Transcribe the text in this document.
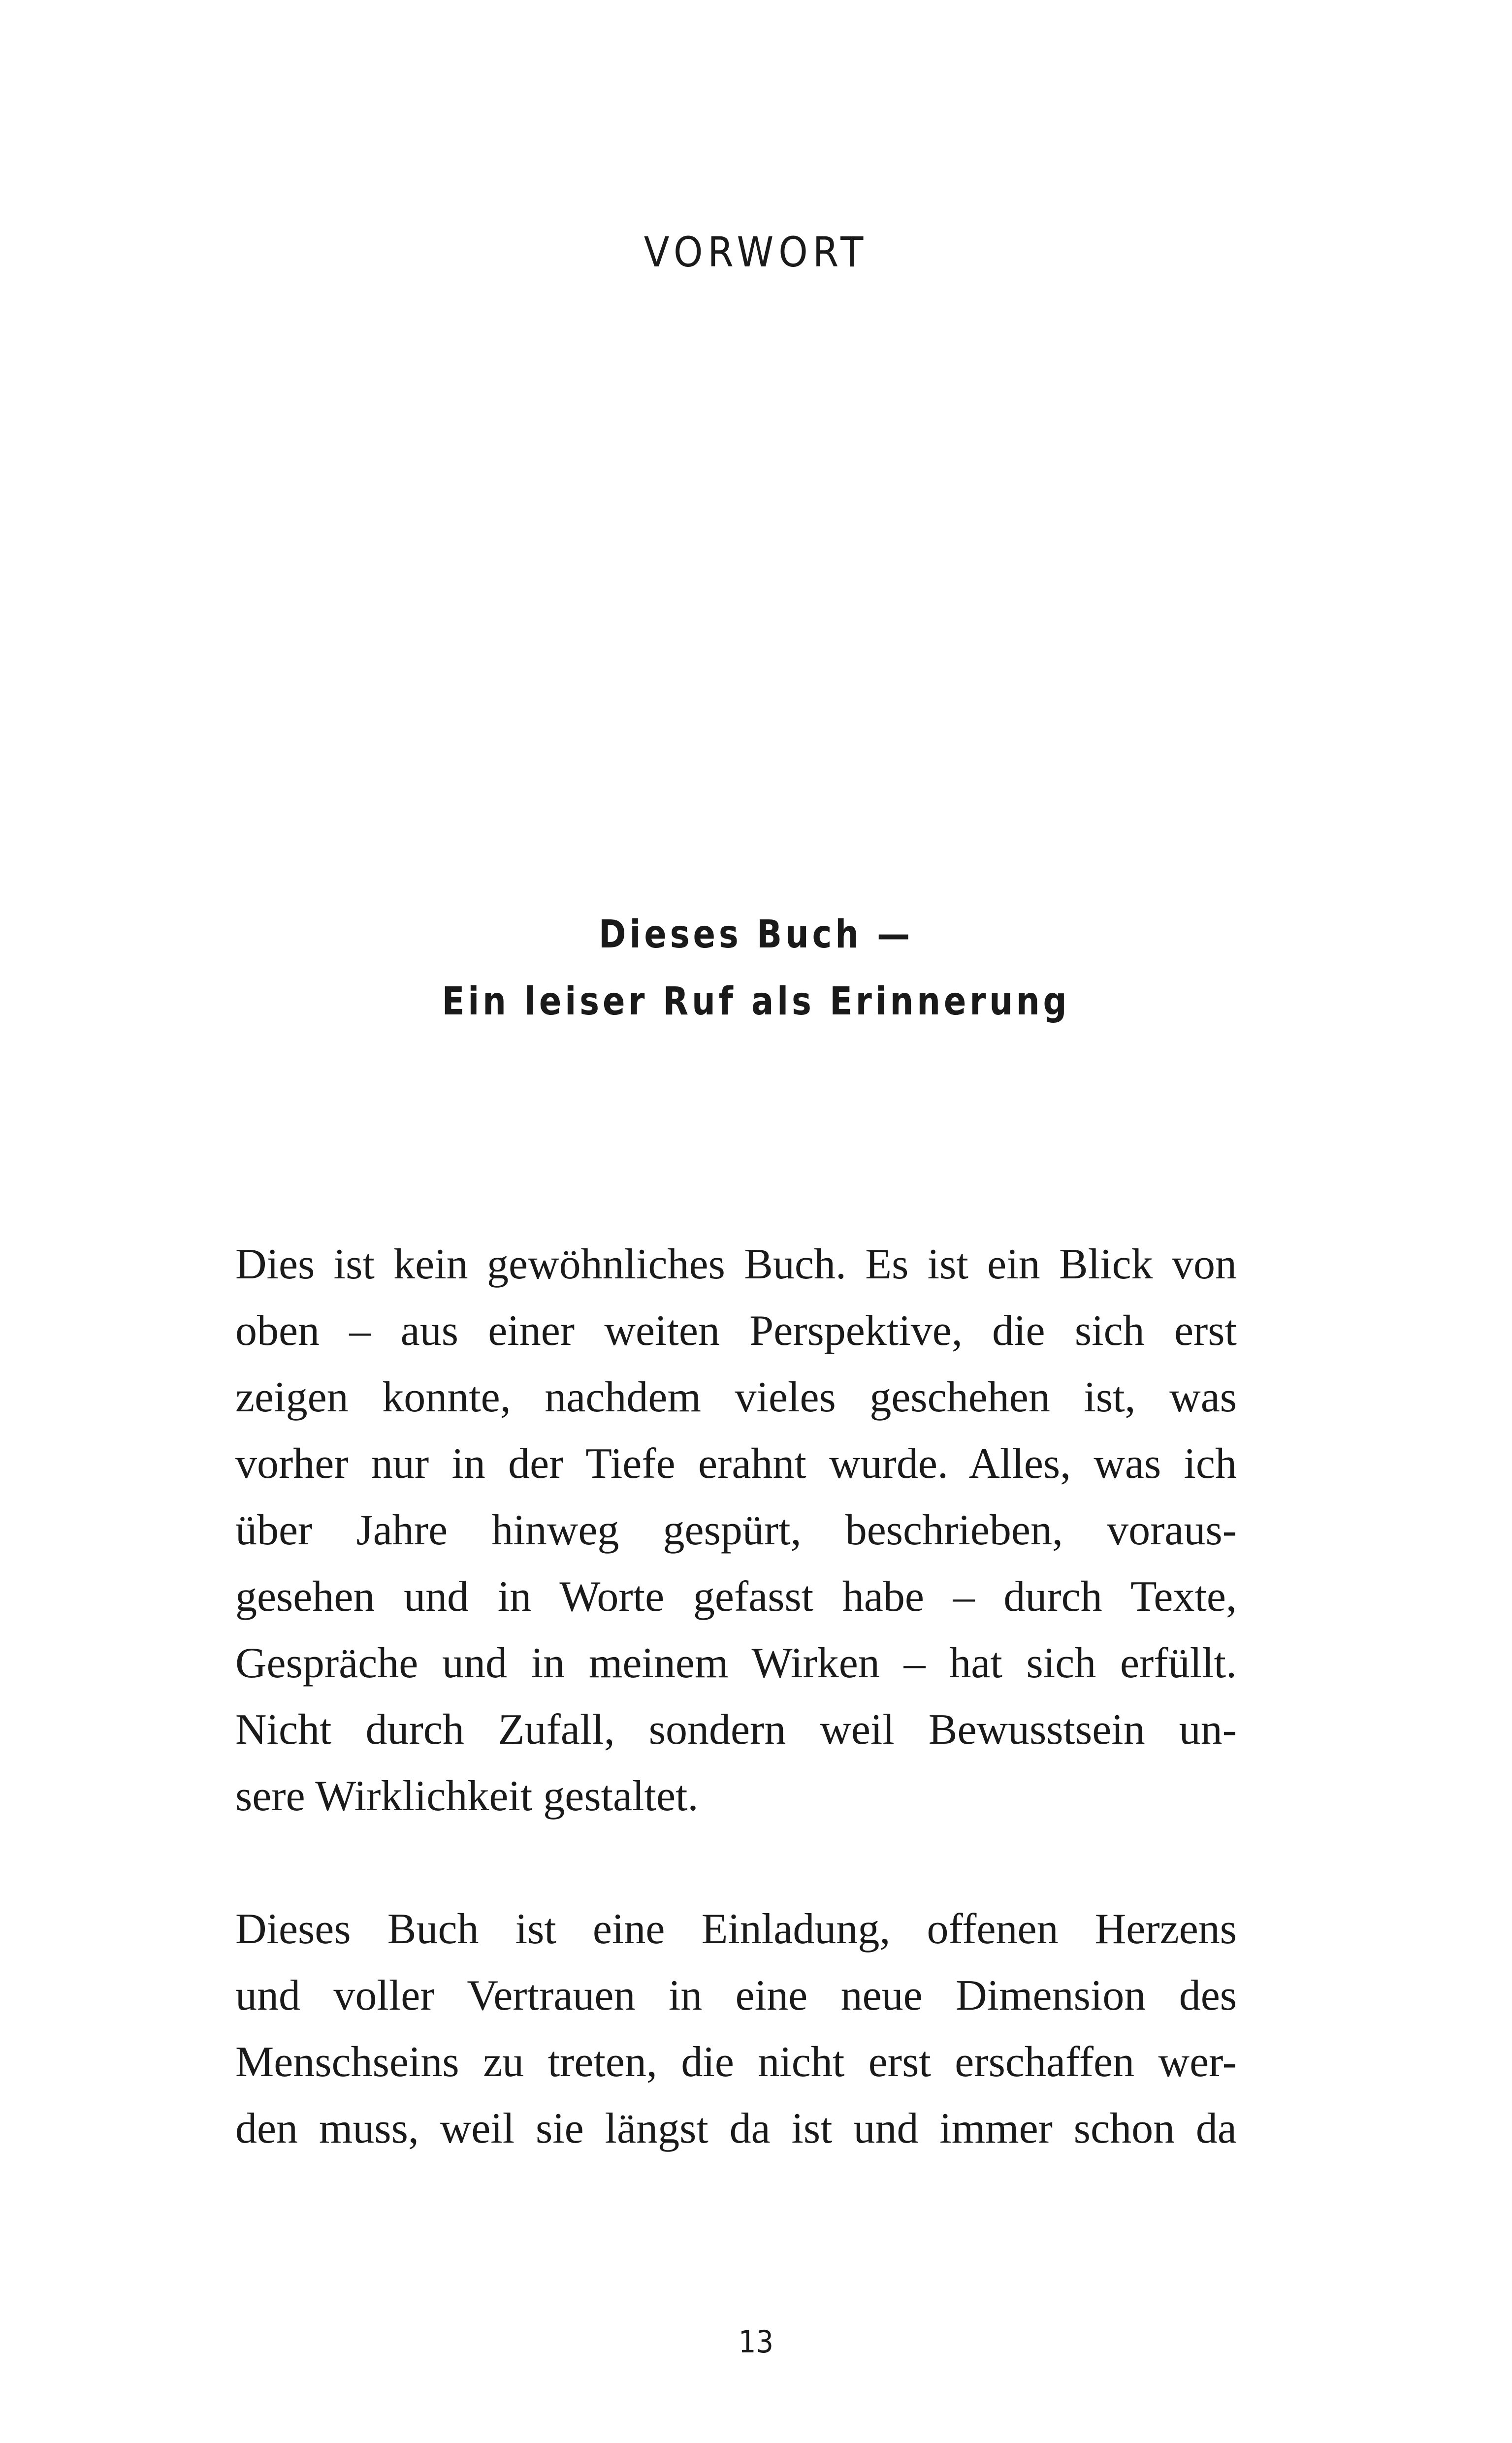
VORWORT
Dieses Buch —
Ein leiser Ruf als Erinnerung

Dies ist kein gewöhnliches Buch. Es ist ein Blick von
oben – aus einer weiten Perspektive, die sich erst
zeigen konnte, nachdem vieles geschehen ist, was
vorher nur in der Tiefe erahnt wurde. Alles, was ich
über Jahre hinweg gespürt, beschrieben, voraus-
gesehen und in Worte gefasst habe – durch Texte,
Gespräche und in meinem Wirken – hat sich erfüllt.
Nicht durch Zufall, sondern weil Bewusstsein un-
sere Wirklichkeit gestaltet.

Dieses Buch ist eine Einladung, offenen Herzens
und voller Vertrauen in eine neue Dimension des
Menschseins zu treten, die nicht erst erschaffen wer-
den muss, weil sie längst da ist und immer schon da

13
